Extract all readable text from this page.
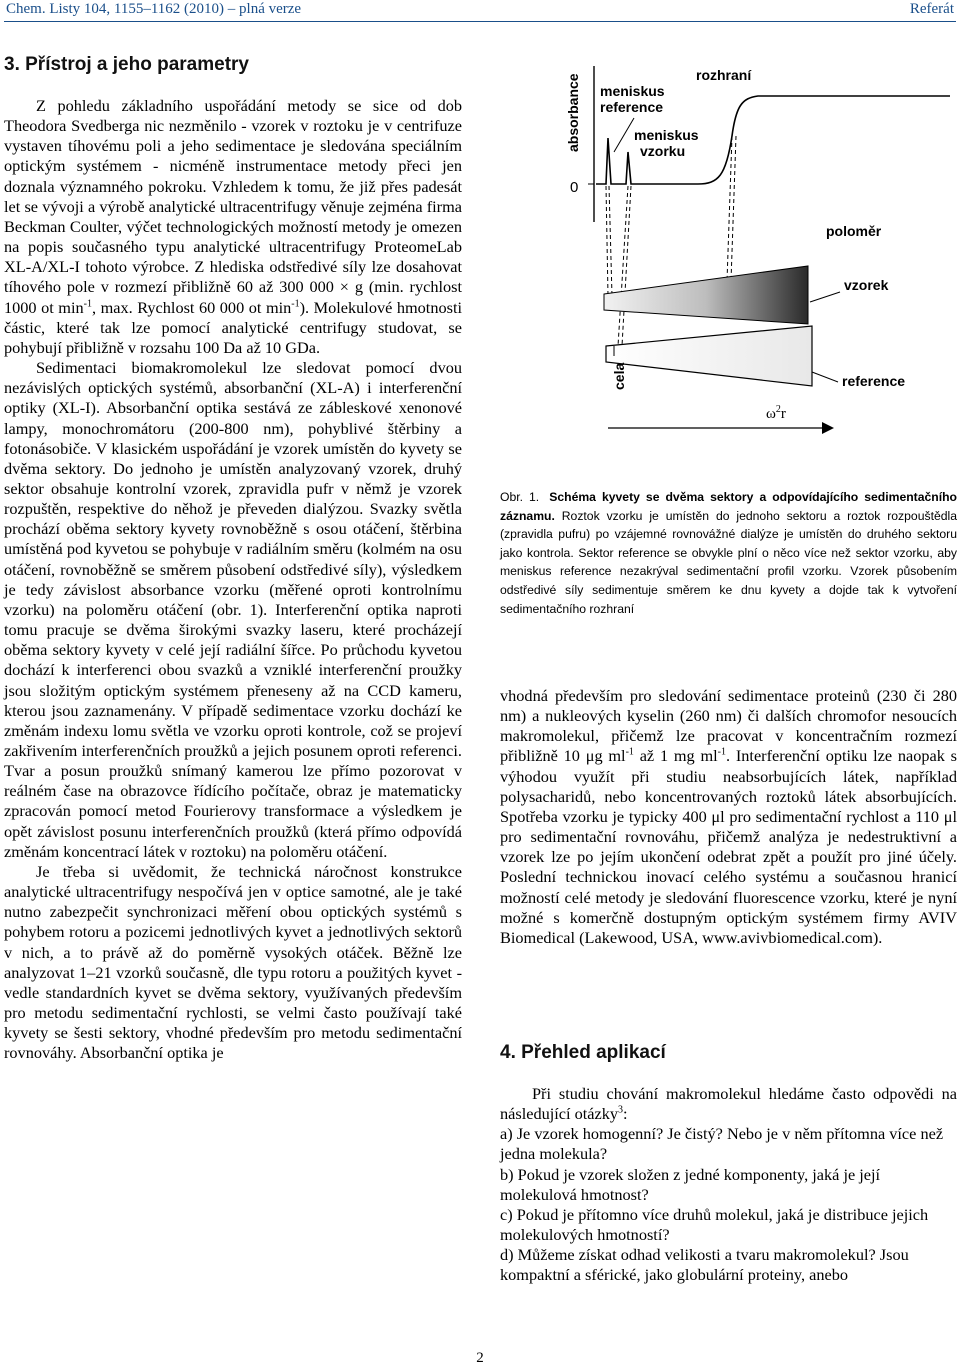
Chem. Listy 104, 1155–1162 (2010) – plná verze	Referát
3. Přístroj a jeho parametry

Z pohledu základního uspořádání metody se sice od dob Theodora Svedberga nic nezměnilo - vzorek v roztoku je v centrifuze vystaven tíhovému poli a jeho sedimentace je sledována speciálním optickým systémem - nicméně instrumentace metody přeci jen doznala významného pokroku. Vzhledem k tomu, že již přes padesát let se vývoji a výrobě analytické ultracentrifugy věnuje zejména firma Beckman Coulter, výčet technologických možností metody je omezen na popis současného typu analytické ultracentrifugy ProteomeLab XL-A/XL-I tohoto výrobce. Z hlediska odstředivé síly lze dosahovat tíhového pole v rozmezí přibližně 60 až 300 000 × g (min. rychlost 1000 ot $\min^{-1}$, max. Rychlost 60 000 ot $\min^{-1}$). Molekulové hmotnosti částic, které tak lze pomocí analytické centrifugy studovat, se pohybují přibližně v rozsahu 100 Da až 10 GDa.

Sedimentaci biomakromolekul lze sledovat pomocí dvou nezávislých optických systémů, absorbanční (XL-A) i interferenční optiky (XL-I). Absorbanční optika sestává ze zábleskové xenonové lampy, monochromátoru (200-800 nm), pohyblivé štěrbiny a fotonásobiče. V klasickém uspořádání je vzorek umístěn do kyvety se dvěma sektory. Do jednoho je umístěn analyzovaný vzorek, druhý sektor obsahuje kontrolní vzorek, zpravidla pufr v němž je vzorek rozpuštěn, respektive do něhož je převeden dialýzou. Svazky světla prochází oběma sektory kyvety rovnoběžně s osou otáčení, štěrbina umístěná pod kyvetou se pohybuje v radiálním směru (kolmém na osu otáčení, rovnoběžně se směrem působení odstředivé síly), výsledkem je tedy závislost absorbance vzorku (měřené oproti kontrolnímu vzorku) na poloměru otáčení (obr. 1). Interferenční optika naproti tomu pracuje se dvěma širokými svazky laseru, které procházejí oběma sektory kyvety v celé její radiální šířce. Po průchodu kyvetou dochází k interferenci obou svazků a vzniklé interferenční proužky jsou složitým optickým systémem přeneseny až na CCD kameru, kterou jsou zaznamenány. V případě sedimentace vzorku dochází ke změnám indexu lomu světla ve vzorku oproti kontrole, což se projeví zakřivením interferenčních proužků a jejich posunem oproti referenci. Tvar a posun proužků snímaný kamerou lze přímo pozorovat v reálném čase na obrazovce řídícího počítače, obraz je matematicky zpracován pomocí metod Fourierovy transformace a výsledkem je opět závislost posunu interferenčních proužků (která přímo odpovídá změnám koncentrací látek v roztoku) na poloměru otáčení.

Je třeba si uvědomit, že technická náročnost konstrukce analytické ultracentrifugy nespočívá jen v optice samotné, ale je také nutno zabezpečit synchronizaci měření obou optických systémů s pohybem rotoru a pozicemi jednotlivých kyvet a jednotlivých sektorů v nich, a to právě až do poměrně vysokých otáček. Běžně lze analyzovat 1–21 vzorků současně, dle typu rotoru a použitých kyvet - vedle standardních kyvet se dvěma sektory, využívaných především pro metodu sedimentační rychlosti, se velmi často používají také kyvety se šesti sektory, vhodné především pro metodu sedimentační rovnováhy. Absorbanční optika je

absorbance
0
meniskus
reference
rozhraní
meniskus
vzorku
poloměr
cela
vzorek
reference
$\omega^2r$
Obr. 1. Schéma kyvety se dvěma sektory a odpovídajícího sedimentačního záznamu. Roztok vzorku je umístěn do jednoho sektoru a roztok rozpouštědla (zpravidla pufru) po vzájemné rovnovážné dialýze je umístěn do druhého sektoru jako kontrola. Sektor reference se obvykle plní o něco více než sektor vzorku, aby meniskus reference nezakrýval sedimentační profil vzorku. Vzorek působením odstředivé síly sedimentuje směrem ke dnu kyvety a dojde tak k vytvoření sedimentačního rozhraní

vhodná především pro sledování sedimentace proteinů (230 či 280 nm) a nukleových kyselin (260 nm) či dalších chromofor nesoucích makromolekul, přičemž lze pracovat v koncentračním rozmezí přibližně 10 μg $ml^{-1}$ až 1 mg $ml^{-1}$. Interferenční optiku lze naopak s výhodou využít při studiu neabsorbujících látek, například polysacharidů, nebo koncentrovaných roztoků látek absorbujících. Spotřeba vzorku je typicky 400 μl pro sedimentační rychlost a 110 μl pro sedimentační rovnováhu, přičemž analýza je nedestruktivní a vzorek lze po jejím ukončení odebrat zpět a použít pro jiné účely. Poslední technickou inovací celého systému a současnou hranicí možností celé metody je sledování fluorescence vzorku, které je nyní možné s komerčně dostupným optickým systémem firmy AVIV Biomedical (Lakewood, USA, www.avivbiomedical.com).

4. Přehled aplikací

Při studiu chování makromolekul hledáme často odpovědi na následující otázky$^3$:

a) Je vzorek homogenní? Je čistý? Nebo je v něm přítomna více než jedna molekula?

b) Pokud je vzorek složen z jedné komponenty, jaká je její molekulová hmotnost?

c) Pokud je přítomno více druhů molekul, jaká je distribuce jejich molekulových hmotností?

d) Můžeme získat odhad velikosti a tvaru makromolekul? Jsou kompaktní a sférické, jako globulární proteiny, anebo

2
